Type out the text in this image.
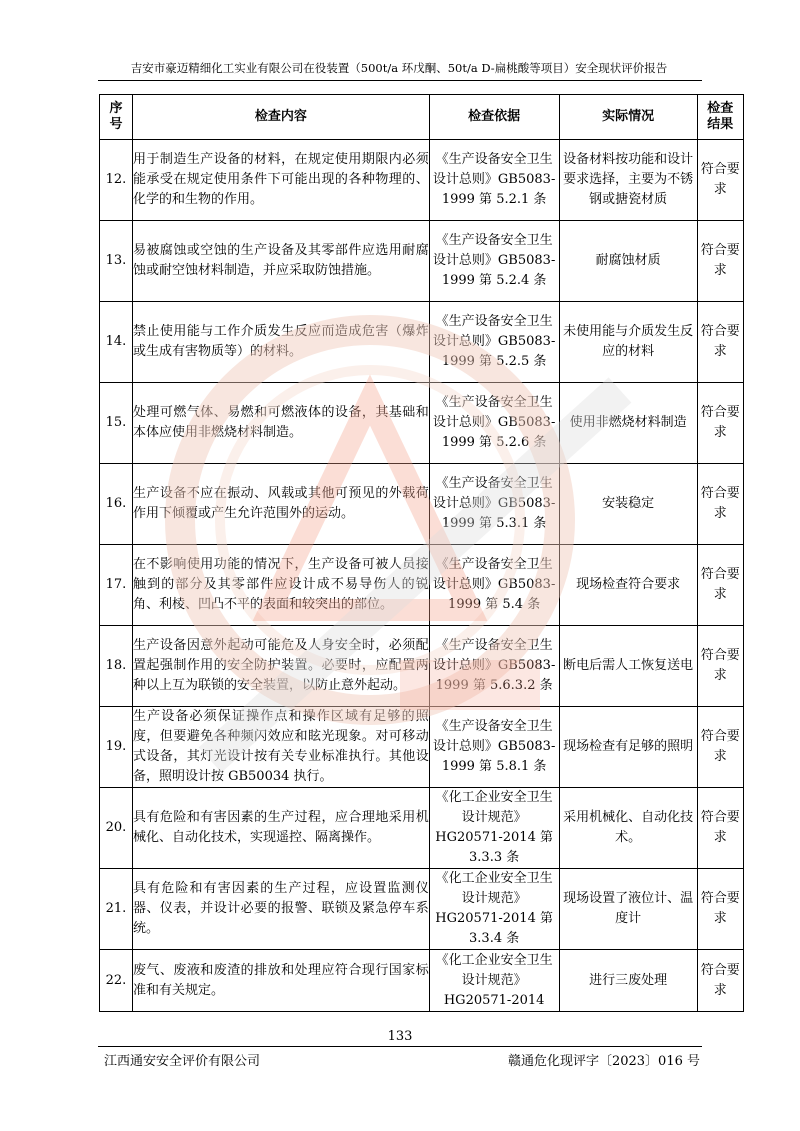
吉安市豪迈精细化工实业有限公司在役装置（500t/a 环戊酮、50t/a D-扁桃酸等项目）安全现状评价报告
序号	检查内容	检查依据	实际情况	检查结果
12.	用于制造生产设备的材料，在规定使用期限内必须能承受在规定使用条件下可能出现的各种物理的、化学的和生物的作用。	《生产设备安全卫生设计总则》GB5083-1999 第 5.2.1 条	设备材料按功能和设计要求选择，主要为不锈钢或搪瓷材质	符合要求
13.	易被腐蚀或空蚀的生产设备及其零部件应选用耐腐蚀或耐空蚀材料制造，并应采取防蚀措施。	《生产设备安全卫生设计总则》GB5083-1999 第 5.2.4 条	耐腐蚀材质	符合要求
14.	禁止使用能与工作介质发生反应而造成危害（爆炸或生成有害物质等）的材料。	《生产设备安全卫生设计总则》GB5083-1999 第 5.2.5 条	未使用能与介质发生反应的材料	符合要求
15.	处理可燃气体、易燃和可燃液体的设备，其基础和本体应使用非燃烧材料制造。	《生产设备安全卫生设计总则》GB5083-1999 第 5.2.6 条	使用非燃烧材料制造	符合要求
16.	生产设备不应在振动、风载或其他可预见的外载荷作用下倾覆或产生允许范围外的运动。	《生产设备安全卫生设计总则》GB5083-1999 第 5.3.1 条	安装稳定	符合要求
17.	在不影响使用功能的情况下，生产设备可被人员接触到的部分及其零部件应设计成不易导伤人的锐角、利棱、凹凸不平的表面和较突出的部位。	《生产设备安全卫生设计总则》GB5083-1999 第 5.4 条	现场检查符合要求	符合要求
18.	生产设备因意外起动可能危及人身安全时，必须配置起强制作用的安全防护装置。必要时，应配置两种以上互为联锁的安全装置，以防止意外起动。	《生产设备安全卫生设计总则》GB5083-1999 第 5.6.3.2 条	断电后需人工恢复送电	符合要求
19.	生产设备必须保证操作点和操作区域有足够的照度，但要避免各种频闪效应和眩光现象。对可移动式设备，其灯光设计按有关专业标准执行。其他设备，照明设计按 GB50034 执行。	《生产设备安全卫生设计总则》GB5083-1999 第 5.8.1 条	现场检查有足够的照明	符合要求
20.	具有危险和有害因素的生产过程，应合理地采用机械化、自动化技术，实现遥控、隔离操作。	《化工企业安全卫生设计规范》HG20571-2014 第 3.3.3 条	采用机械化、自动化技术。	符合要求
21.	具有危险和有害因素的生产过程，应设置监测仪器、仪表，并设计必要的报警、联锁及紧急停车系统。	《化工企业安全卫生设计规范》HG20571-2014 第 3.3.4 条	现场设置了液位计、温度计	符合要求
22.	废气、废液和废渣的排放和处理应符合现行国家标准和有关规定。	《化工企业安全卫生设计规范》HG20571-2014	进行三废处理	符合要求
133
江西通安安全评价有限公司	赣通危化现评字〔2023〕016 号
